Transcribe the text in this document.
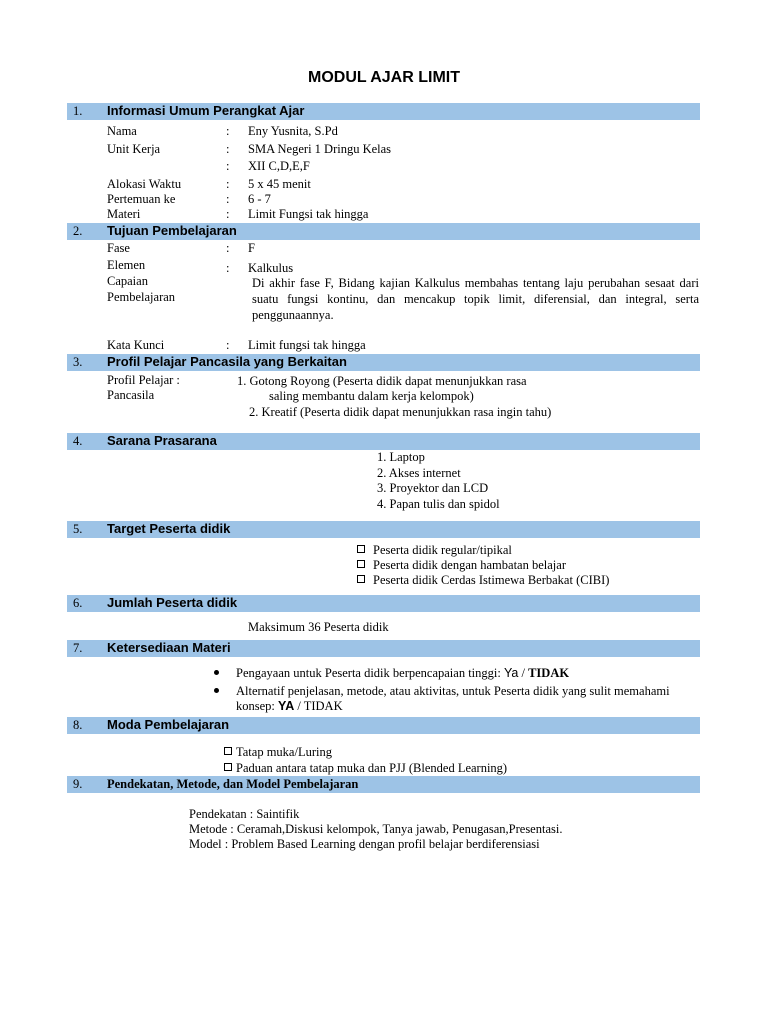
MODUL AJAR LIMIT
1. Informasi Umum Perangkat Ajar
Nama	: Eny Yusnita, S.Pd
Unit Kerja	: SMA Negeri 1 Dringu Kelas
: XII C,D,E,F
Alokasi Waktu	: 5 x 45 menit
Pertemuan ke	: 6 - 7
Materi	: Limit Fungsi tak hingga
2. Tujuan Pembelajaran
Fase	: F
Elemen	: Kalkulus
Capaian
Pembelajaran
Di akhir fase F, Bidang kajian Kalkulus membahas tentang laju perubahan sesaat dari suatu fungsi kontinu, dan mencakup topik limit, diferensial, dan integral, serta penggunaannya.
Kata Kunci	: Limit fungsi tak hingga
3. Profil Pelajar Pancasila yang Berkaitan
Profil Pelajar :
Pancasila
1. Gotong Royong (Peserta didik dapat menunjukkan rasa
saling membantu dalam kerja kelompok)
2. Kreatif (Peserta didik dapat menunjukkan rasa ingin tahu)
4. Sarana Prasarana
1. Laptop
2. Akses internet
3. Proyektor dan LCD
4. Papan tulis dan spidol
5. Target Peserta didik
Peserta didik regular/tipikal
Peserta didik dengan hambatan belajar
Peserta didik Cerdas Istimewa Berbakat (CIBI)
6. Jumlah Peserta didik
Maksimum 36 Peserta didik
7. Ketersediaan Materi
Pengayaan untuk Peserta didik berpencapaian tinggi: Ya / TIDAK
Alternatif penjelasan, metode, atau aktivitas, untuk Peserta didik yang sulit memahami
konsep: YA / TIDAK
8. Moda Pembelajaran
Tatap muka/Luring
Paduan antara tatap muka dan PJJ (Blended Learning)
9. Pendekatan, Metode, dan Model Pembelajaran
Pendekatan : Saintifik
Metode : Ceramah,Diskusi kelompok, Tanya jawab, Penugasan,Presentasi.
Model : Problem Based Learning dengan profil belajar berdiferensiasi
